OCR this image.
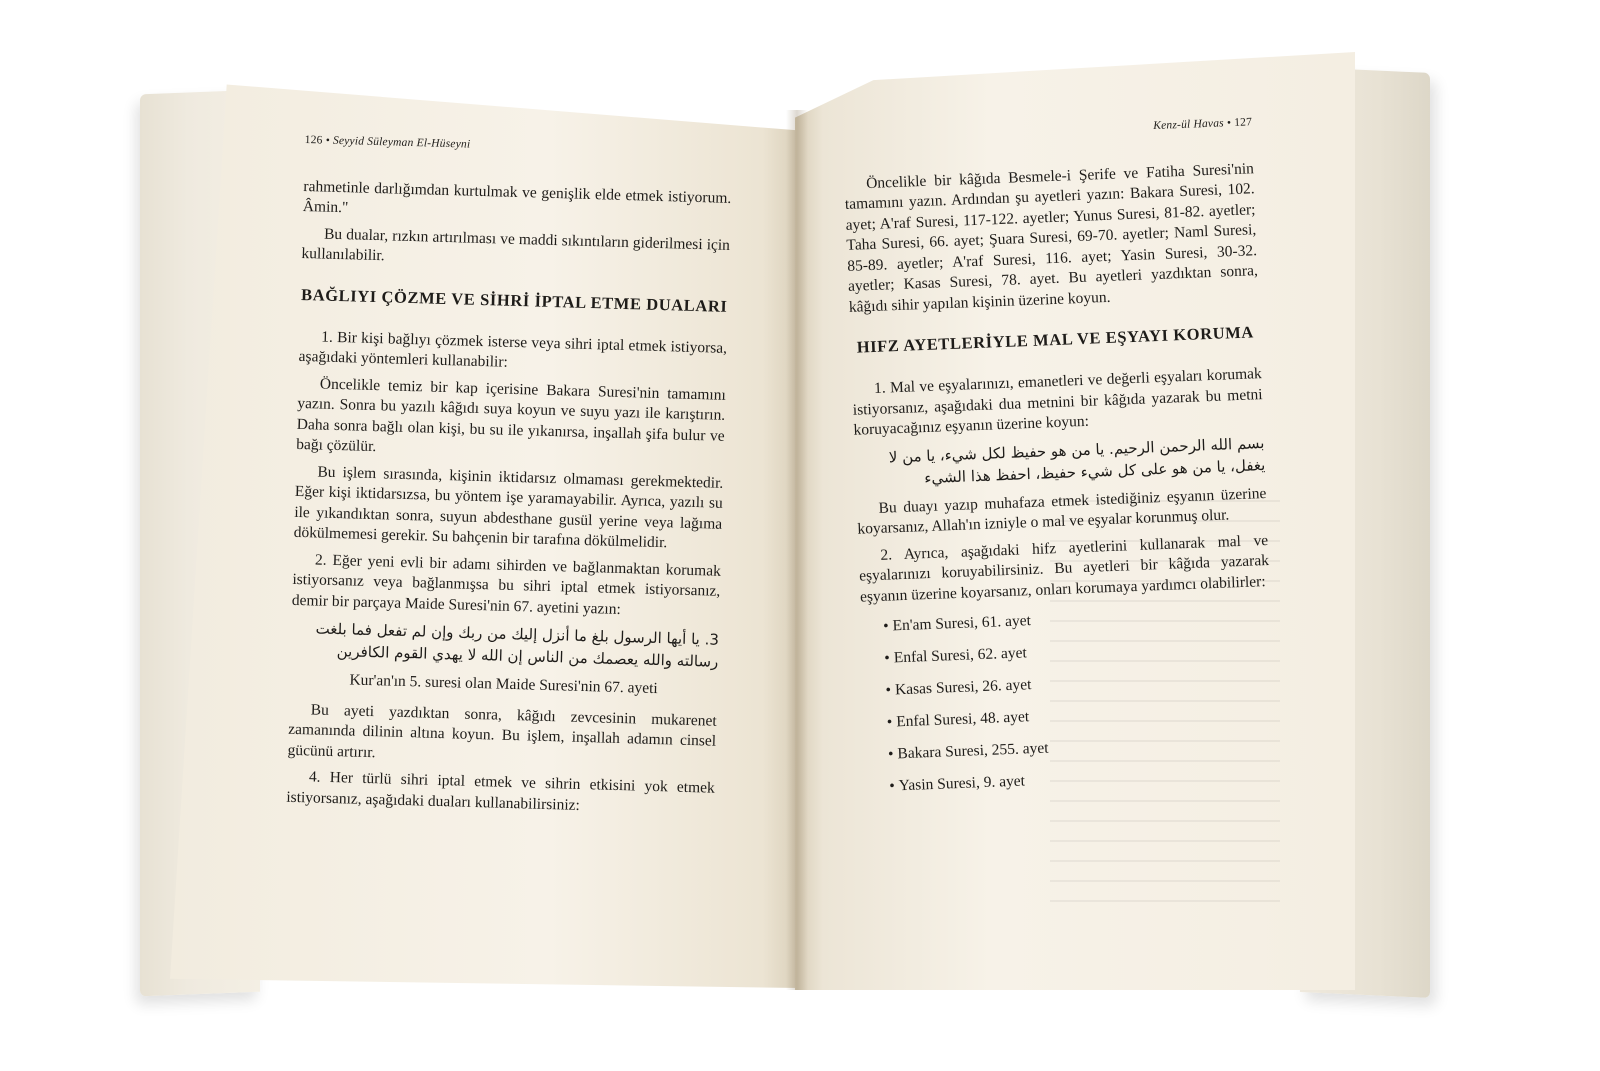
126 • Seyyid Süleyman El-Hüseyni

rahmetinle darlığımdan kurtulmak ve genişlik elde etmek istiyorum. Âmin."

Bu dualar, rızkın artırılması ve maddi sıkıntıların giderilmesi için kullanılabilir.

BAĞLIYI ÇÖZME VE SİHRİ İPTAL ETME DUALARI

1. Bir kişi bağlıyı çözmek isterse veya sihri iptal etmek istiyorsa, aşağıdaki yöntemleri kullanabilir:

Öncelikle temiz bir kap içerisine Bakara Suresi'nin tamamını yazın. Sonra bu yazılı kâğıdı suya koyun ve suyu yazı ile karıştırın. Daha sonra bağlı olan kişi, bu su ile yıkanırsa, inşallah şifa bulur ve bağı çözülür.

Bu işlem sırasında, kişinin iktidarsız olmaması gerekmektedir. Eğer kişi iktidarsızsa, bu yöntem işe yaramayabilir. Ayrıca, yazılı su ile yıkandıktan sonra, suyun abdesthane gusül yerine veya lağıma dökülmemesi gerekir. Su bahçenin bir tarafına dökülmelidir.

2. Eğer yeni evli bir adamı sihirden ve bağlanmaktan korumak istiyorsanız veya bağlanmışsa bu sihri iptal etmek istiyorsanız, demir bir parçaya Maide Suresi'nin 67. ayetini yazın:

3. يا أيها الرسول بلغ ما أنزل إليك من ربك وإن لم تفعل فما بلغت رسالته والله يعصمك من الناس إن الله لا يهدي القوم الكافرين

Kur'an'ın 5. suresi olan Maide Suresi'nin 67. ayeti

Bu ayeti yazdıktan sonra, kâğıdı zevcesinin mukarenet zamanında dilinin altına koyun. Bu işlem, inşallah adamın cinsel gücünü artırır.

4. Her türlü sihri iptal etmek ve sihrin etkisini yok etmek istiyorsanız, aşağıdaki duaları kullanabilirsiniz:

Kenz-ül Havas • 127

Öncelikle bir kâğıda Besmele-i Şerife ve Fatiha Suresi'nin tamamını yazın. Ardından şu ayetleri yazın: Bakara Suresi, 102. ayet; A'raf Suresi, 117-122. ayetler; Yunus Suresi, 81-82. ayetler; Taha Suresi, 66. ayet; Şuara Suresi, 69-70. ayetler; Naml Suresi, 85-89. ayetler; A'raf Suresi, 116. ayet; Yasin Suresi, 30-32. ayetler; Kasas Suresi, 78. ayet. Bu ayetleri yazdıktan sonra, kâğıdı sihir yapılan kişinin üzerine koyun.

HIFZ AYETLERİYLE MAL VE EŞYAYI KORUMA

1. Mal ve eşyalarınızı, emanetleri ve değerli eşyaları korumak istiyorsanız, aşağıdaki dua metnini bir kâğıda yazarak bu metni koruyacağınız eşyanın üzerine koyun:

بسم الله الرحمن الرحيم. يا من هو حفيظ لكل شيء، يا من لا يغفل، يا من هو على كل شيء حفيظ، احفظ هذا الشيء

Bu duayı yazıp muhafaza etmek istediğiniz eşyanın üzerine koyarsanız, Allah'ın izniyle o mal ve eşyalar korunmuş olur.

2. Ayrıca, aşağıdaki hifz ayetlerini kullanarak mal ve eşyalarınızı koruyabilirsiniz. Bu ayetleri bir kâğıda yazarak eşyanın üzerine koyarsanız, onları korumaya yardımcı olabilirler:

• En'am Suresi, 61. ayet
• Enfal Suresi, 62. ayet
• Kasas Suresi, 26. ayet
• Enfal Suresi, 48. ayet
• Bakara Suresi, 255. ayet
• Yasin Suresi, 9. ayet
